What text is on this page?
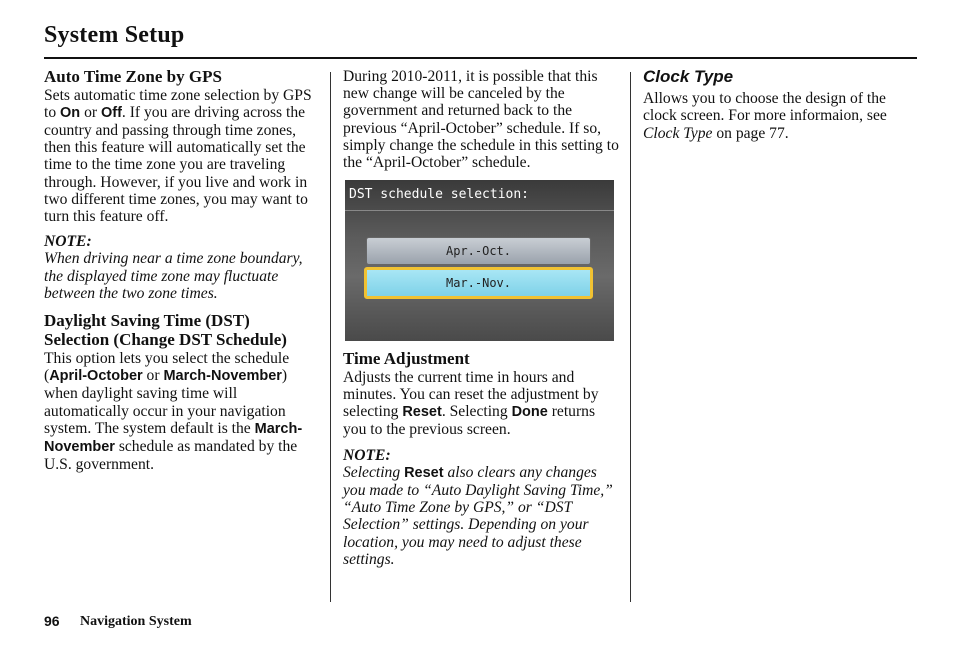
System Setup
Auto Time Zone by GPS

Sets automatic time zone selection by GPS to On or Off. If you are driving across the country and passing through time zones, then this feature will automatically set the time to the time zone you are traveling through. However, if you live and work in two different time zones, you may want to turn this feature off.

NOTE:

When driving near a time zone boundary, the displayed time zone may fluctuate between the two zone times.

Daylight Saving Time (DST) Selection (Change DST Schedule)

This option lets you select the schedule (April-October or March-November) when daylight saving time will automatically occur in your navigation system. The system default is the March-November schedule as mandated by the U.S. government.

During 2010-2011, it is possible that this new change will be canceled by the government and returned back to the previous “April-October” schedule. If so, simply change the schedule in this setting to the “April-October” schedule.

DST schedule selection:
Apr.-Oct.
Mar.-Nov.
Time Adjustment

Adjusts the current time in hours and minutes. You can reset the adjustment by selecting Reset. Selecting Done returns you to the previous screen.

NOTE:

Selecting Reset also clears any changes you made to “Auto Daylight Saving Time,” “Auto Time Zone by GPS,” or “DST Selection” settings. Depending on your location, you may need to adjust these settings.

Clock Type

Allows you to choose the design of the clock screen. For more informaion, see Clock Type on page 77.

96 Navigation System
